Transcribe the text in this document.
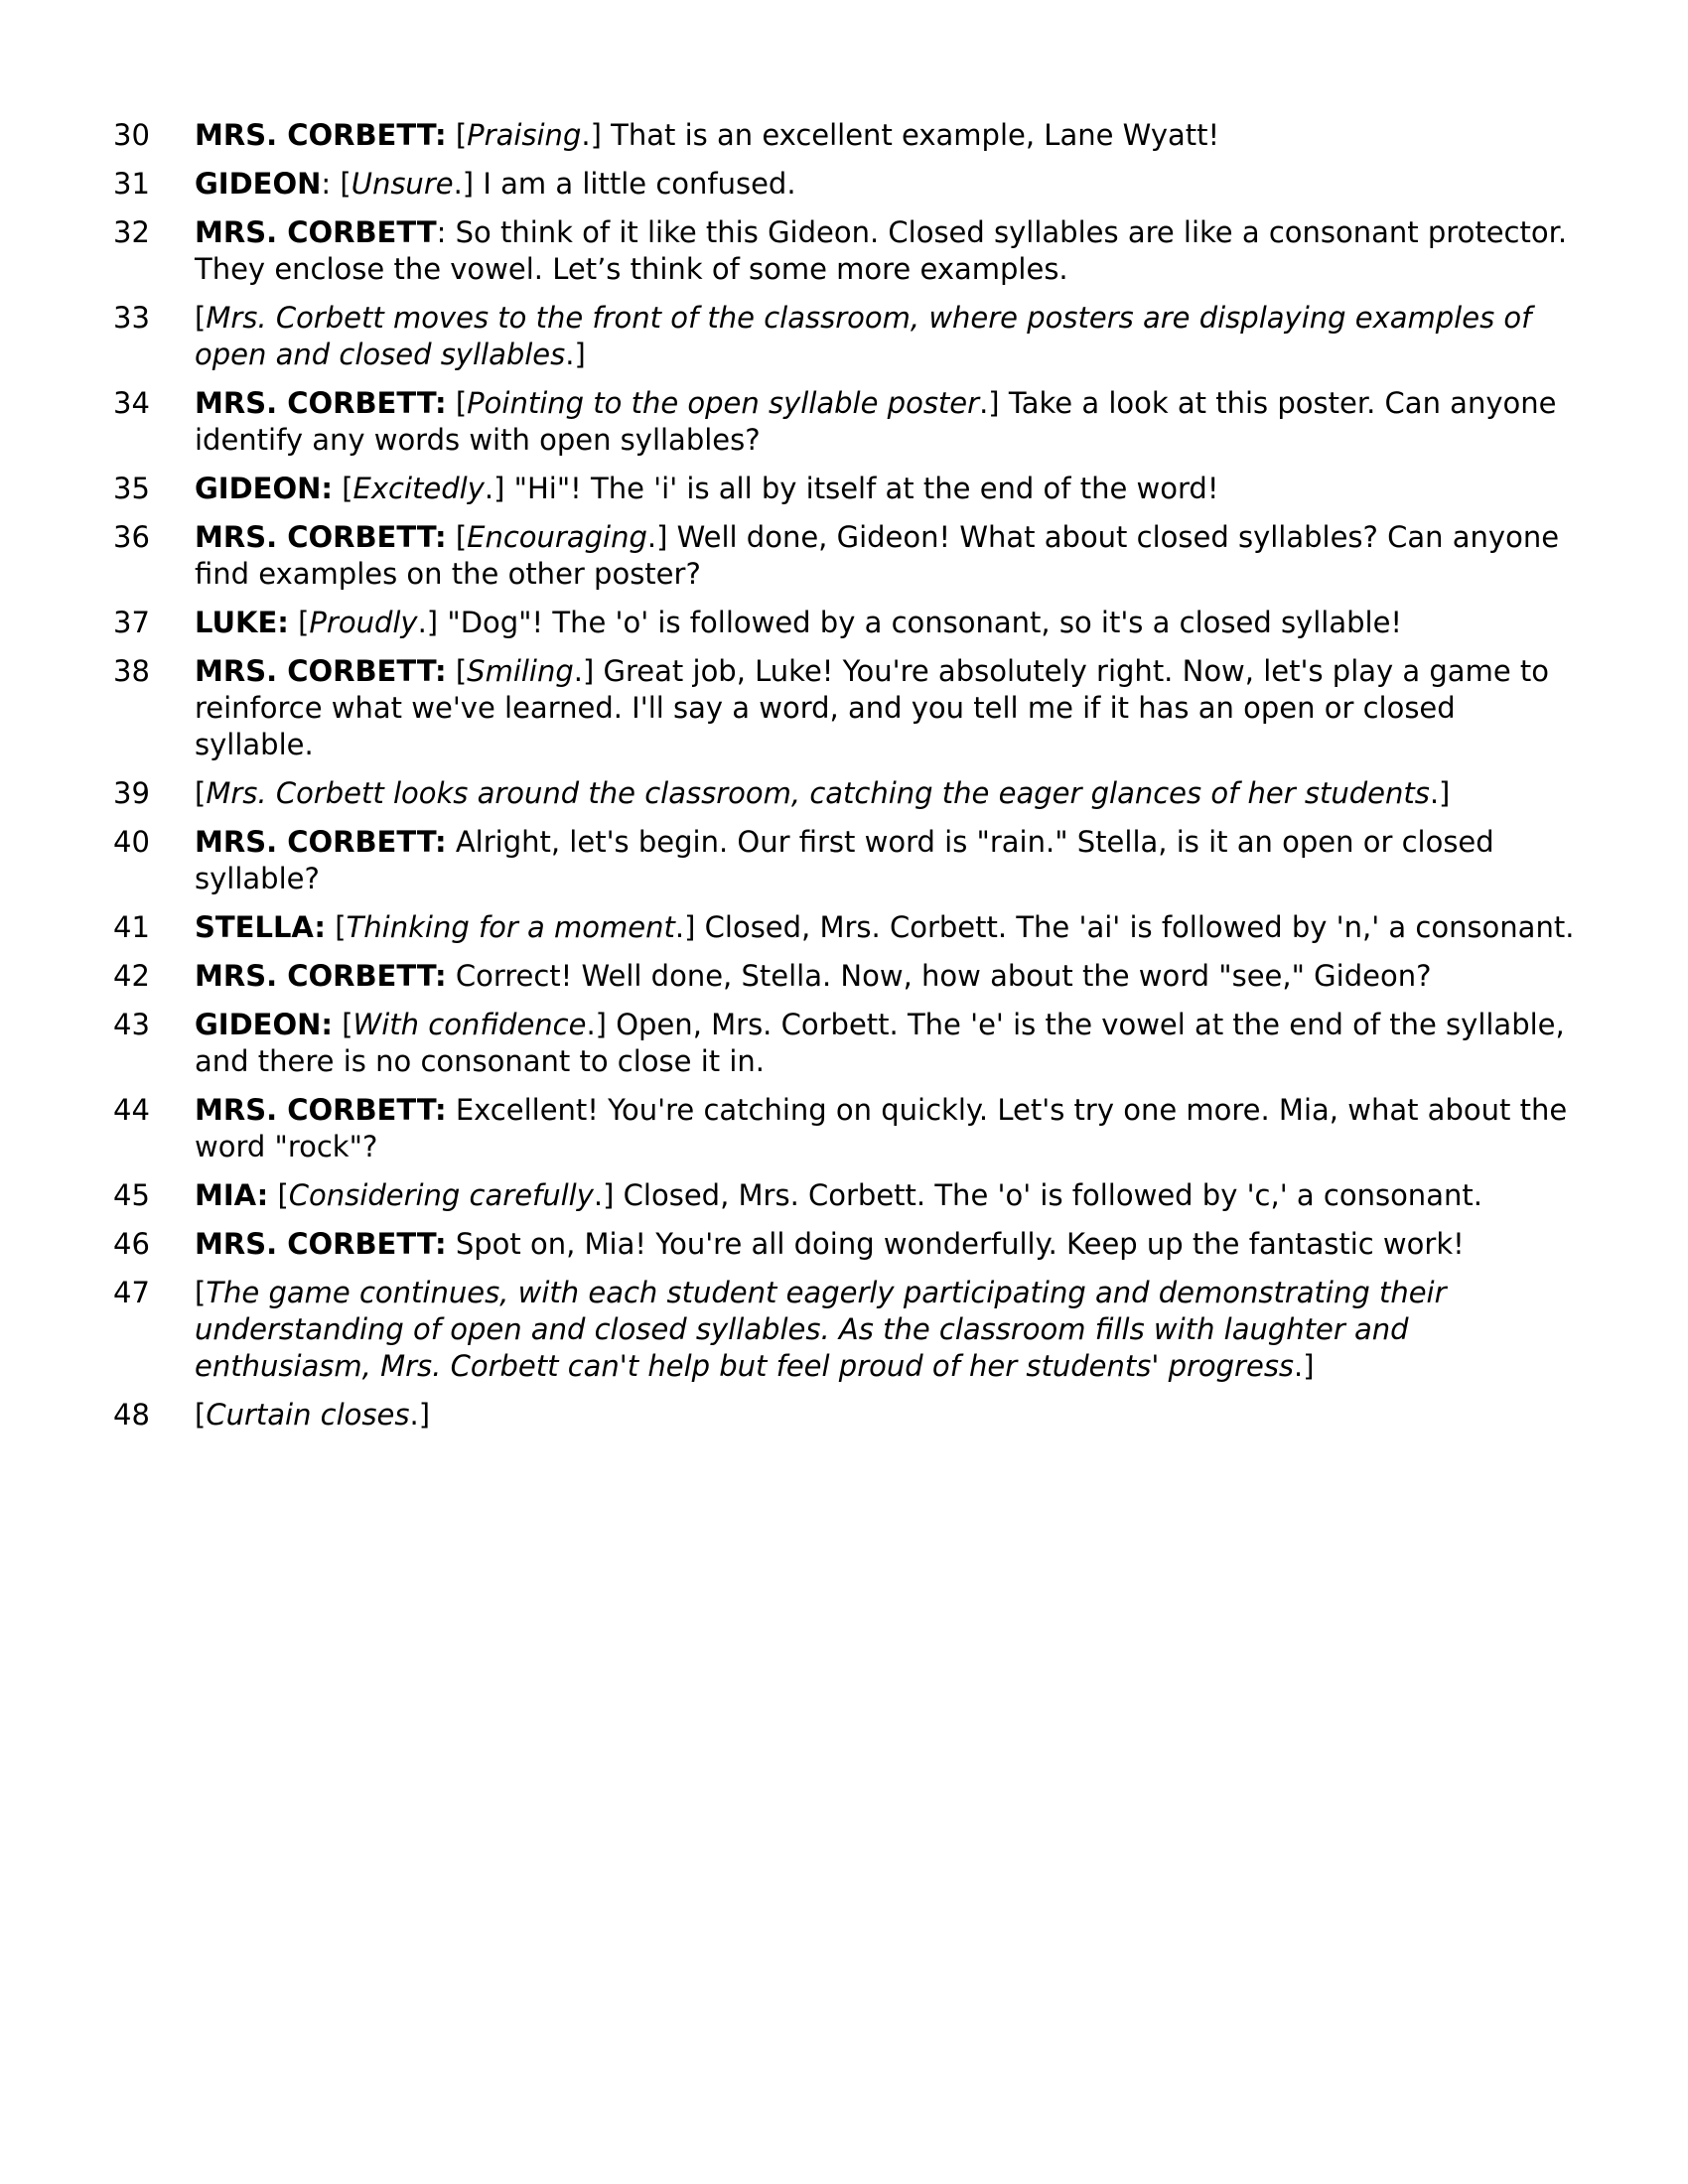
30	MRS. CORBETT: [Praising.] That is an excellent example, Lane Wyatt!
31	GIDEON: [Unsure.] I am a little confused.
32	MRS. CORBETT: So think of it like this Gideon. Closed syllables are like a consonant protector. They enclose the vowel. Let’s think of some more examples.
33	[Mrs. Corbett moves to the front of the classroom, where posters are displaying examples of open and closed syllables.]
34	MRS. CORBETT: [Pointing to the open syllable poster.] Take a look at this poster. Can anyone identify any words with open syllables?
35	GIDEON: [Excitedly.] "Hi"! The 'i' is all by itself at the end of the word!
36	MRS. CORBETT: [Encouraging.] Well done, Gideon! What about closed syllables? Can anyone find examples on the other poster?
37	LUKE: [Proudly.] "Dog"! The 'o' is followed by a consonant, so it's a closed syllable!
38	MRS. CORBETT: [Smiling.] Great job, Luke! You're absolutely right. Now, let's play a game to reinforce what we've learned. I'll say a word, and you tell me if it has an open or closed syllable.
39	[Mrs. Corbett looks around the classroom, catching the eager glances of her students.]
40	MRS. CORBETT: Alright, let's begin. Our first word is "rain." Stella, is it an open or closed syllable?
41	STELLA: [Thinking for a moment.] Closed, Mrs. Corbett. The 'ai' is followed by 'n,' a consonant.
42	MRS. CORBETT: Correct! Well done, Stella. Now, how about the word "see," Gideon?
43	GIDEON: [With confidence.] Open, Mrs. Corbett. The 'e' is the vowel at the end of the syllable, and there is no consonant to close it in.
44	MRS. CORBETT: Excellent! You're catching on quickly. Let's try one more. Mia, what about the word "rock"?
45	MIA: [Considering carefully.] Closed, Mrs. Corbett. The 'o' is followed by 'c,' a consonant.
46	MRS. CORBETT: Spot on, Mia! You're all doing wonderfully. Keep up the fantastic work!
47	[The game continues, with each student eagerly participating and demonstrating their understanding of open and closed syllables. As the classroom fills with laughter and enthusiasm, Mrs. Corbett can't help but feel proud of her students' progress.]
48	[Curtain closes.]
